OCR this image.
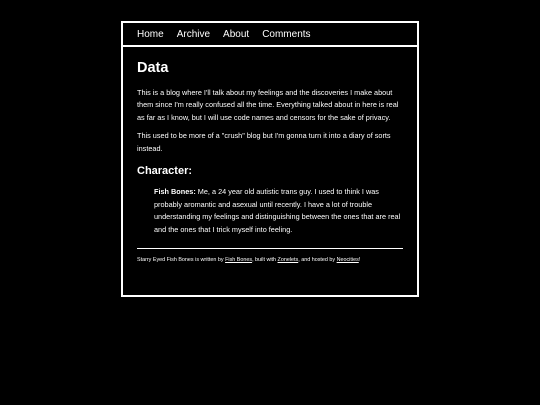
Home Archive About Comments
Data

This is a blog where I'll talk about my feelings and the discoveries I make about them since I'm really confused all the time. Everything talked about in here is real as far as I know, but I will use code names and censors for the sake of privacy.

This used to be more of a "crush" blog but I'm gonna turn it into a diary of sorts instead.

Character:

Fish Bones: Me, a 24 year old autistic trans guy. I used to think I was probably aromantic and asexual until recently. I have a lot of trouble understanding my feelings and distinguishing between the ones that are real and the ones that I trick myself into feeling.

Starry Eyed Fish Bones is written by Fish Bones, built with Zonelets, and hosted by Neocities!
